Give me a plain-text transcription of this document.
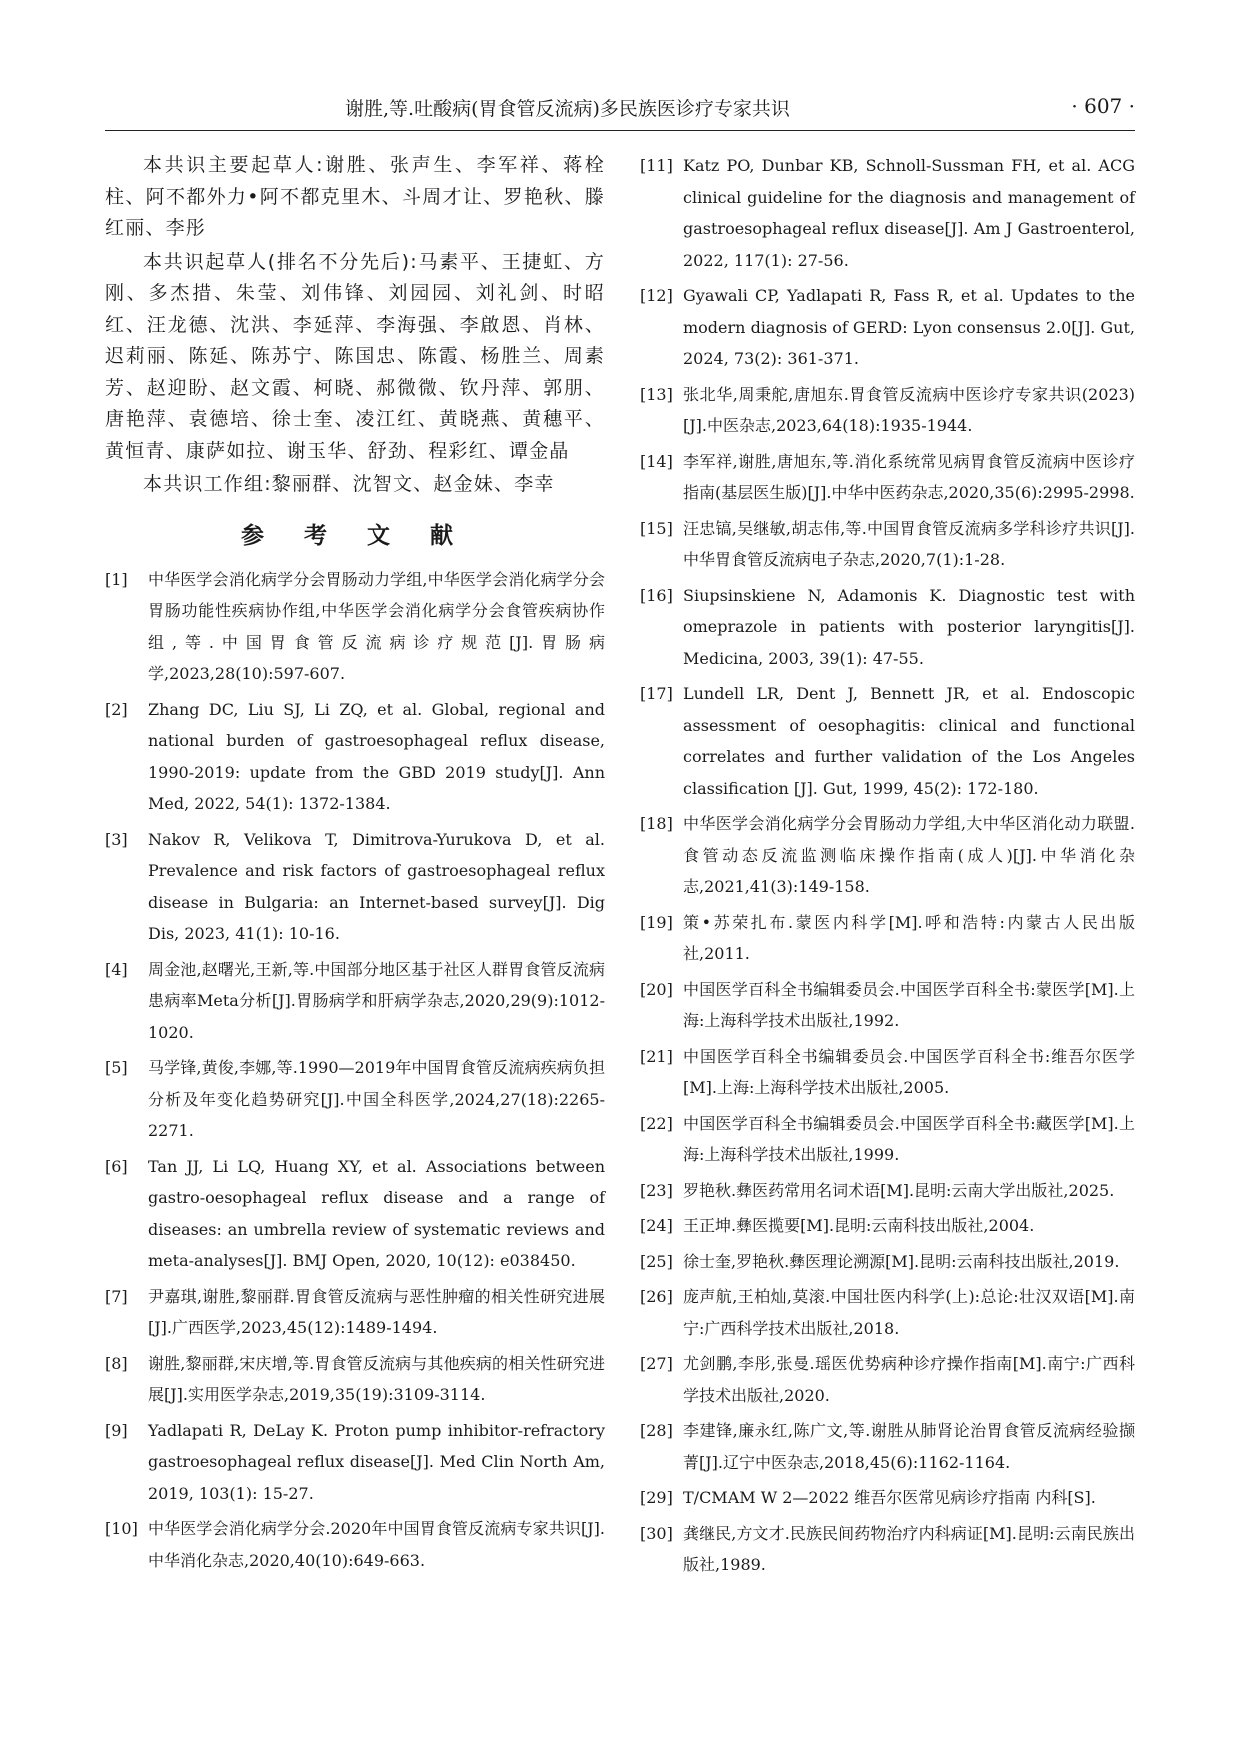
谢胜,等.吐酸病(胃食管反流病)多民族医诊疗专家共识	· 607 ·

本共识主要起草人:谢胜、张声生、李军祥、蒋栓柱、阿不都外力•阿不都克里木、斗周才让、罗艳秋、滕红丽、李彤

本共识起草人(排名不分先后):马素平、王捷虹、方刚、多杰措、朱莹、刘伟锋、刘园园、刘礼剑、时昭红、汪龙德、沈洪、李延萍、李海强、李啟恩、肖林、迟莉丽、陈延、陈苏宁、陈国忠、陈霞、杨胜兰、周素芳、赵迎盼、赵文霞、柯晓、郝微微、钦丹萍、郭朋、唐艳萍、袁德培、徐士奎、凌江红、黄晓燕、黄穗平、黄恒青、康萨如拉、谢玉华、舒劲、程彩红、谭金晶

本共识工作组:黎丽群、沈智文、赵金妹、李幸

参 考 文 献
[1] 中华医学会消化病学分会胃肠动力学组,中华医学会消化病学分会胃肠功能性疾病协作组,中华医学会消化病学分会食管疾病协作组,等.中国胃食管反流病诊疗规范[J].胃肠病学,2023,28(10):597-607.
[2] Zhang DC, Liu SJ, Li ZQ, et al. Global, regional and national burden of gastroesophageal reflux disease, 1990-2019: update from the GBD 2019 study[J]. Ann Med, 2022, 54(1): 1372-1384.
[3] Nakov R, Velikova T, Dimitrova-Yurukova D, et al. Prevalence and risk factors of gastroesophageal reflux disease in Bulgaria: an Internet-based survey[J]. Dig Dis, 2023, 41(1): 10-16.
[4] 周金池,赵曙光,王新,等.中国部分地区基于社区人群胃食管反流病患病率Meta分析[J].胃肠病学和肝病学杂志,2020,29(9):1012-1020.
[5] 马学锋,黄俊,李娜,等.1990—2019年中国胃食管反流病疾病负担分析及年变化趋势研究[J].中国全科医学,2024,27(18):2265-2271.
[6] Tan JJ, Li LQ, Huang XY, et al. Associations between gastro-oesophageal reflux disease and a range of diseases: an umbrella review of systematic reviews and meta-analyses[J]. BMJ Open, 2020, 10(12): e038450.
[7] 尹嘉琪,谢胜,黎丽群.胃食管反流病与恶性肿瘤的相关性研究进展[J].广西医学,2023,45(12):1489-1494.
[8] 谢胜,黎丽群,宋庆增,等.胃食管反流病与其他疾病的相关性研究进展[J].实用医学杂志,2019,35(19):3109-3114.
[9] Yadlapati R, DeLay K. Proton pump inhibitor-refractory gastroesophageal reflux disease[J]. Med Clin North Am, 2019, 103(1): 15-27.
[10] 中华医学会消化病学分会.2020年中国胃食管反流病专家共识[J].中华消化杂志,2020,40(10):649-663.
[11] Katz PO, Dunbar KB, Schnoll-Sussman FH, et al. ACG clinical guideline for the diagnosis and management of gastroesophageal reflux disease[J]. Am J Gastroenterol, 2022, 117(1): 27-56.
[12] Gyawali CP, Yadlapati R, Fass R, et al. Updates to the modern diagnosis of GERD: Lyon consensus 2.0[J]. Gut, 2024, 73(2): 361-371.
[13] 张北华,周秉舵,唐旭东.胃食管反流病中医诊疗专家共识(2023)[J].中医杂志,2023,64(18):1935-1944.
[14] 李军祥,谢胜,唐旭东,等.消化系统常见病胃食管反流病中医诊疗指南(基层医生版)[J].中华中医药杂志,2020,35(6):2995-2998.
[15] 汪忠镐,吴继敏,胡志伟,等.中国胃食管反流病多学科诊疗共识[J].中华胃食管反流病电子杂志,2020,7(1):1-28.
[16] Siupsinskiene N, Adamonis K. Diagnostic test with omeprazole in patients with posterior laryngitis[J]. Medicina, 2003, 39(1): 47-55.
[17] Lundell LR, Dent J, Bennett JR, et al. Endoscopic assessment of oesophagitis: clinical and functional correlates and further validation of the Los Angeles classification [J]. Gut, 1999, 45(2): 172-180.
[18] 中华医学会消化病学分会胃肠动力学组,大中华区消化动力联盟.食管动态反流监测临床操作指南(成人)[J].中华消化杂志,2021,41(3):149-158.
[19] 策•苏荣扎布.蒙医内科学[M].呼和浩特:内蒙古人民出版社,2011.
[20] 中国医学百科全书编辑委员会.中国医学百科全书:蒙医学[M].上海:上海科学技术出版社,1992.
[21] 中国医学百科全书编辑委员会.中国医学百科全书:维吾尔医学[M].上海:上海科学技术出版社,2005.
[22] 中国医学百科全书编辑委员会.中国医学百科全书:藏医学[M].上海:上海科学技术出版社,1999.
[23] 罗艳秋.彝医药常用名词术语[M].昆明:云南大学出版社,2025.
[24] 王正坤.彝医揽要[M].昆明:云南科技出版社,2004.
[25] 徐士奎,罗艳秋.彝医理论溯源[M].昆明:云南科技出版社,2019.
[26] 庞声航,王柏灿,莫滚.中国壮医内科学(上):总论:壮汉双语[M].南宁:广西科学技术出版社,2018.
[27] 尤剑鹏,李彤,张曼.瑶医优势病种诊疗操作指南[M].南宁:广西科学技术出版社,2020.
[28] 李建锋,廉永红,陈广文,等.谢胜从肺肾论治胃食管反流病经验撷菁[J].辽宁中医杂志,2018,45(6):1162-1164.
[29] T/CMAM W 2—2022 维吾尔医常见病诊疗指南 内科[S].
[30] 龚继民,方文才.民族民间药物治疗内科病证[M].昆明:云南民族出版社,1989.
